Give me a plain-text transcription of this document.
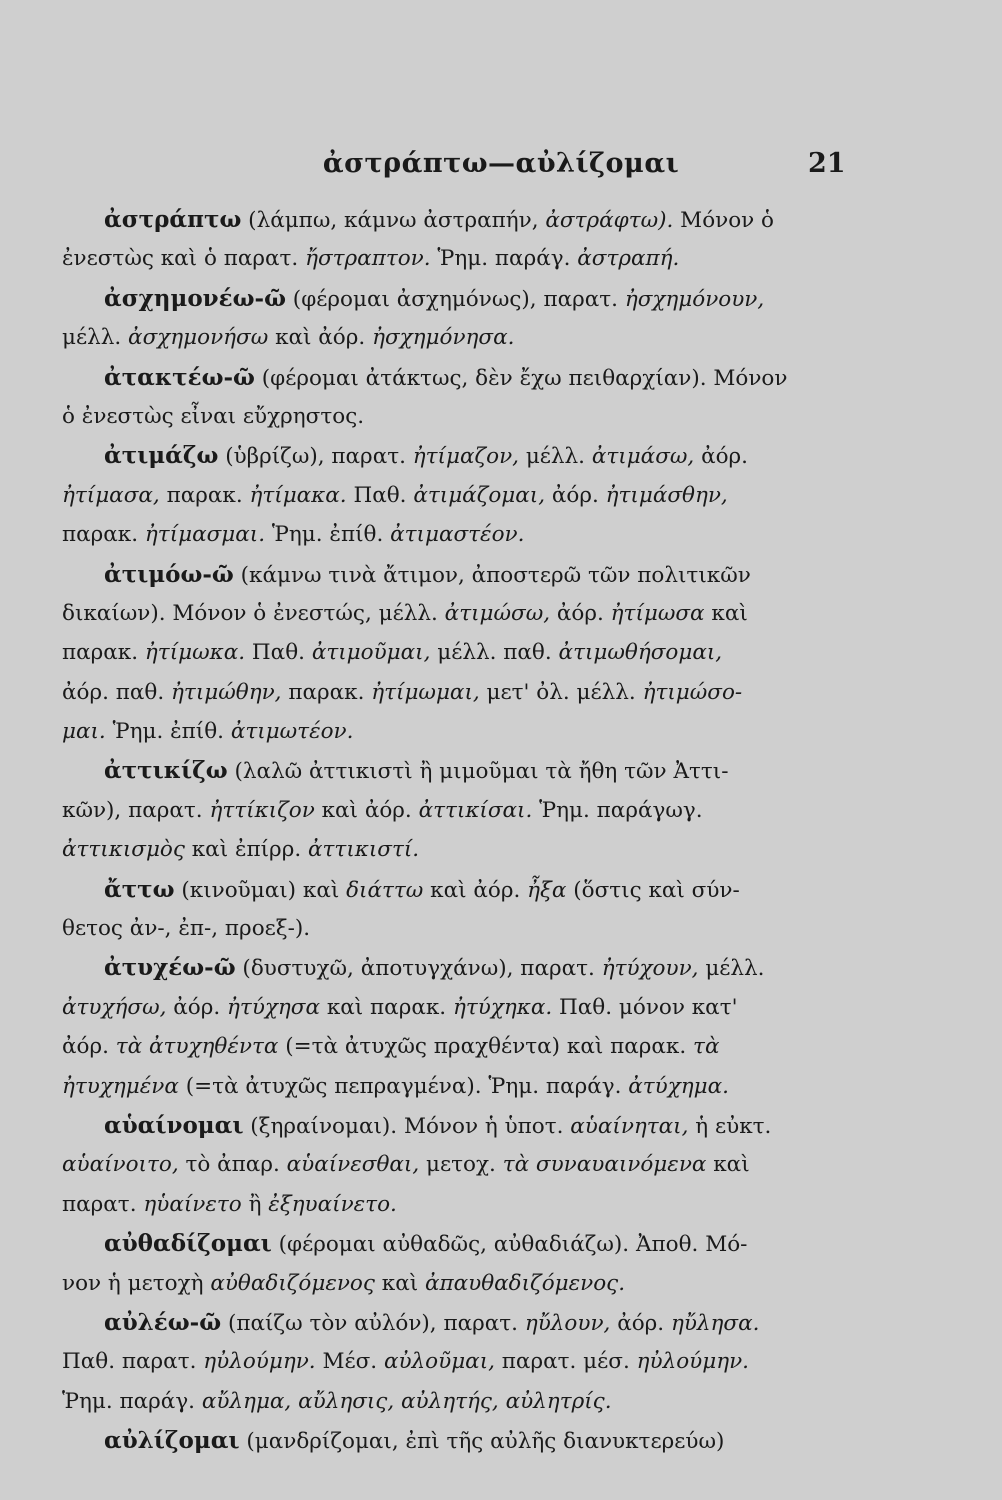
ἀστράπτω—αὐλίζομαι	21
ἀστράπτω (λάμπω, κάμνω ἀστραπήν, ἀστράφτω). Μόνον ὁ
ἐνεστὼς καὶ ὁ παρατ. ἤστραπτον. Ῥημ. παράγ. ἀστραπή.
ἀσχημονέω-ῶ (φέρομαι ἀσχημόνως), παρατ. ἠσχημόνουν,
μέλλ. ἀσχημονήσω καὶ ἀόρ. ἠσχημόνησα.
ἀτακτέω-ῶ (φέρομαι ἀτάκτως, δὲν ἔχω πειθαρχίαν). Μόνον
ὁ ἐνεστὼς εἶναι εὔχρηστος.
ἀτιμάζω (ὑβρίζω), παρατ. ἠτίμαζον, μέλλ. ἀτιμάσω, ἀόρ.
ἠτίμασα, παρακ. ἠτίμακα. Παθ. ἀτιμάζομαι, ἀόρ. ἠτιμάσθην,
παρακ. ἠτίμασμαι. Ῥημ. ἐπίθ. ἀτιμαστέον.
ἀτιμόω-ῶ (κάμνω τινὰ ἄτιμον, ἀποστερῶ τῶν πολιτικῶν
δικαίων). Μόνον ὁ ἐνεστώς, μέλλ. ἀτιμώσω, ἀόρ. ἠτίμωσα καὶ
παρακ. ἠτίμωκα. Παθ. ἀτιμοῦμαι, μέλλ. παθ. ἀτιμωθήσομαι,
ἀόρ. παθ. ἠτιμώθην, παρακ. ἠτίμωμαι, μετ' ὀλ. μέλλ. ἠτιμώσο-
μαι. Ῥημ. ἐπίθ. ἀτιμωτέον.
ἀττικίζω (λαλῶ ἀττικιστὶ ἢ μιμοῦμαι τὰ ἤθη τῶν Ἀττι-
κῶν), παρατ. ἠττίκιζον καὶ ἀόρ. ἀττικίσαι. Ῥημ. παράγωγ.
ἀττικισμὸς καὶ ἐπίρρ. ἀττικιστί.
ἄττω (κινοῦμαι) καὶ διάττω καὶ ἀόρ. ἦξα (ὅστις καὶ σύν-
θετος ἀν-, ἐπ-, προεξ-).
ἀτυχέω-ῶ (δυστυχῶ, ἀποτυγχάνω), παρατ. ἠτύχουν, μέλλ.
ἀτυχήσω, ἀόρ. ἠτύχησα καὶ παρακ. ἠτύχηκα. Παθ. μόνον κατ'
ἀόρ. τὰ ἀτυχηθέντα (=τὰ ἀτυχῶς πραχθέντα) καὶ παρακ. τὰ
ἠτυχημένα (=τὰ ἀτυχῶς πεπραγμένα). Ῥημ. παράγ. ἀτύχημα.
αὑαίνομαι (ξηραίνομαι). Μόνον ἡ ὑποτ. αὑαίνηται, ἡ εὐκτ.
αὑαίνοιτο, τὸ ἀπαρ. αὑαίνεσθαι, μετοχ. τὰ συναυαινόμενα καὶ
παρατ. ηὑαίνετο ἢ ἐξηυαίνετο.
αὐθαδίζομαι (φέρομαι αὐθαδῶς, αὐθαδιάζω). Ἀποθ. Μό-
νον ἡ μετοχὴ αὐθαδιζόμενος καὶ ἀπαυθαδιζόμενος.
αὐλέω-ῶ (παίζω τὸν αὐλόν), παρατ. ηὔλουν, ἀόρ. ηὔλησα.
Παθ. παρατ. ηὐλούμην. Μέσ. αὐλοῦμαι, παρατ. μέσ. ηὐλούμην.
Ῥημ. παράγ. αὔλημα, αὔλησις, αὐλητής, αὐλητρίς.
αὐλίζομαι (μανδρίζομαι, ἐπὶ τῆς αὐλῆς διανυκτερεύω)
